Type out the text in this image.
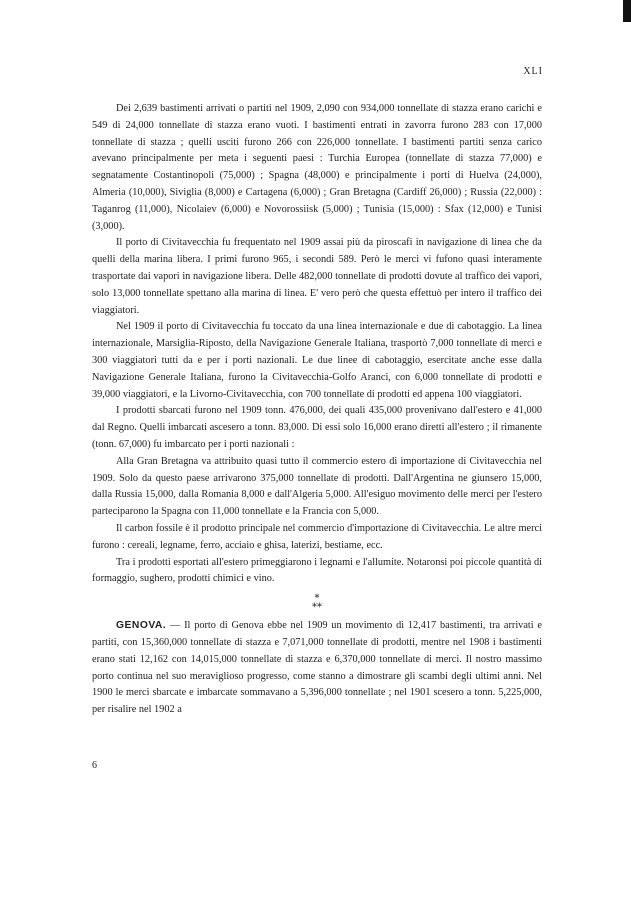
XLI

Dei 2,639 bastimenti arrivati o partiti nel 1909, 2,090 con 934,000 tonnellate di stazza erano carichi e 549 di 24,000 tonnellate di stazza erano vuoti. I bastimenti entrati in zavorra furono 283 con 17,000 tonnellate di stazza ; quelli usciti furono 266 con 226,000 tonnellate. I bastimenti partiti senza carico avevano principalmente per meta i seguenti paesi : Turchia Europea (tonnellate di stazza 77,000) e segnatamente Costantinopoli (75,000) ; Spagna (48,000) e principalmente i porti di Huelva (24,000), Almeria (10,000), Siviglia (8,000) e Cartagena (6,000) ; Gran Bretagna (Cardiff 26,000) ; Russia (22,000) : Taganrog (11,000), Nicolaiev (6,000) e Novorossiisk (5,000) ; Tunisia (15,000) : Sfax (12,000) e Tunisi (3,000).

Il porto di Civitavecchia fu frequentato nel 1909 assai più da piroscafi in navigazione di linea che da quelli della marina libera. I primi furono 965, i secondi 589. Però le merci vi fufono quasi interamente trasportate dai vapori in navigazione libera. Delle 482,000 tonnellate di prodotti dovute al traffico dei vapori, solo 13,000 tonnellate spettano alla marina di linea. E' vero però che questa effettuò per intero il traffico dei viaggiatori.

Nel 1909 il porto di Civitavecchia fu toccato da una linea internazionale e due di cabotaggio. La linea internazionale, Marsiglia-Riposto, della Navigazione Generale Italiana, trasportò 7,000 tonnellate di merci e 300 viaggiatori tutti da e per i porti nazionali. Le due linee di cabotaggio, esercitate anche esse dalla Navigazione Generale Italiana, furono la Civitavecchia-Golfo Aranci, con 6,000 tonnellate di prodotti e 39,000 viaggiatori, e la Livorno-Civitavecchia, con 700 tonnellate di prodotti ed appena 100 viaggiatori.

I prodotti sbarcati furono nel 1909 tonn. 476,000, dei quali 435,000 provenivano dall'estero e 41,000 dal Regno. Quelli imbarcati ascesero a tonn. 83,000. Di essi solo 16,000 erano diretti all'estero ; il rimanente (tonn. 67,000) fu imbarcato per i porti nazionali :

Alla Gran Bretagna va attribuito quasi tutto il commercio estero di importazione di Civitavecchia nel 1909. Solo da questo paese arrivarono 375,000 tonnellate di prodotti. Dall'Argentina ne giunsero 15,000, dalla Russia 15,000, dalla Romania 8,000 e dall'Algeria 5,000. All'esiguo movimento delle merci per l'estero parteciparono la Spagna con 11,000 tonnellate e la Francia con 5,000.

Il carbon fossile è il prodotto principale nel commercio d'importazione di Civitavecchia. Le altre merci furono : cereali, legname, ferro, acciaio e ghisa, laterizi, bestiame, ecc.

Tra i prodotti esportati all'estero primeggiarono i legnami e l'allumite. Notaronsi poi piccole quantità di formaggio, sughero, prodotti chimici e vino.

*
**

GENOVA. — Il porto di Genova ebbe nel 1909 un movimento di 12,417 bastimenti, tra arrivati e partiti, con 15,360,000 tonnellate di stazza e 7,071,000 tonnellate di prodotti, mentre nel 1908 i bastimenti erano stati 12,162 con 14,015,000 tonnellate di stazza e 6,370,000 tonnellate di merci. Il nostro massimo porto continua nel suo meraviglioso progresso, come stanno a dimostrare gli scambi degli ultimi anni. Nel 1900 le merci sbarcate e imbarcate sommavano a 5,396,000 tonnellate ; nel 1901 scesero a tonn. 5,225,000, per risalire nel 1902 a

6
